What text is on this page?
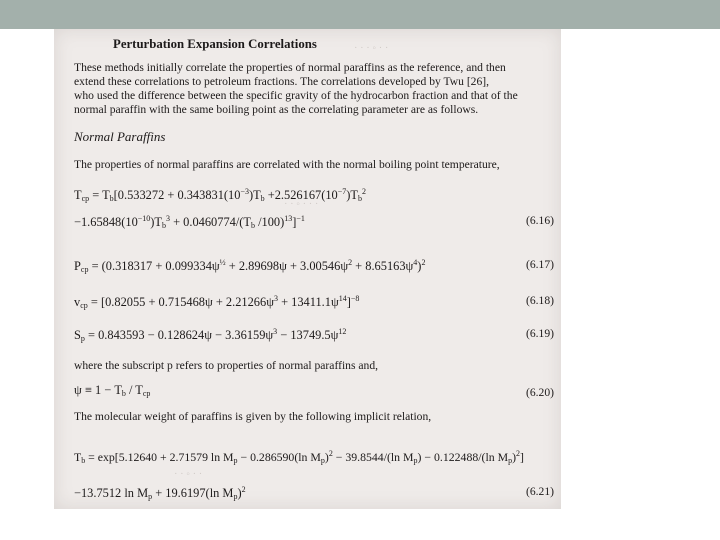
· · · ◦ · ·
· · ◦ · · ·
· · ◦ · ·
Perturbation Expansion Correlations
These methods initially correlate the properties of normal paraffins as the reference, and then
extend these correlations to petroleum fractions. The correlations developed by Twu [26],
who used the difference between the specific gravity of the hydrocarbon fraction and that of the
normal paraffin with the same boiling point as the correlating parameter are as follows.
Normal Paraffins
The properties of normal paraffins are correlated with the normal boiling point temperature,
$T_{cp} = T_b[0.533272 + 0.343831(10^{-3})T_b +2.526167(10^{-7})T_b^2$
$-1.65848(10^{-10})T_b^3 + 0.0460774/(T_b$ /100)$^{13}$]$^{-1}$	(6.16)
$P_{cp} = (0.318317 + 0.099334\psi^{\frac{1}{2}} + 2.89698\psi + 3.00546\psi^2 + 8.65163\psi^4)^2$	(6.17)
$v_{cp} = [0.82055 + 0.715468\psi + 2.21266\psi^3 + 13411.1\psi^{14}]^{-8}$	(6.18)
$S_p = 0.843593 - 0.128624\psi - 3.36159\psi^3 - 13749.5\psi^{12}$	(6.19)
where the subscript p refers to properties of normal paraffins and,
$\psi \equiv 1 - T_b / T_{cp}$	(6.20)
The molecular weight of paraffins is given by the following implicit relation,
$T_b = \exp[5.12640 + 2.71579$ $\ln M_p - 0.286590(\ln$ $M_p)^2 - 39.8544/(\ln$ $M_p) - 0.122488/(\ln$ $M_p)^2$]
−13.7512 $\ln M_p + 19.6197(\ln$ $M_p)^2$	(6.21)
